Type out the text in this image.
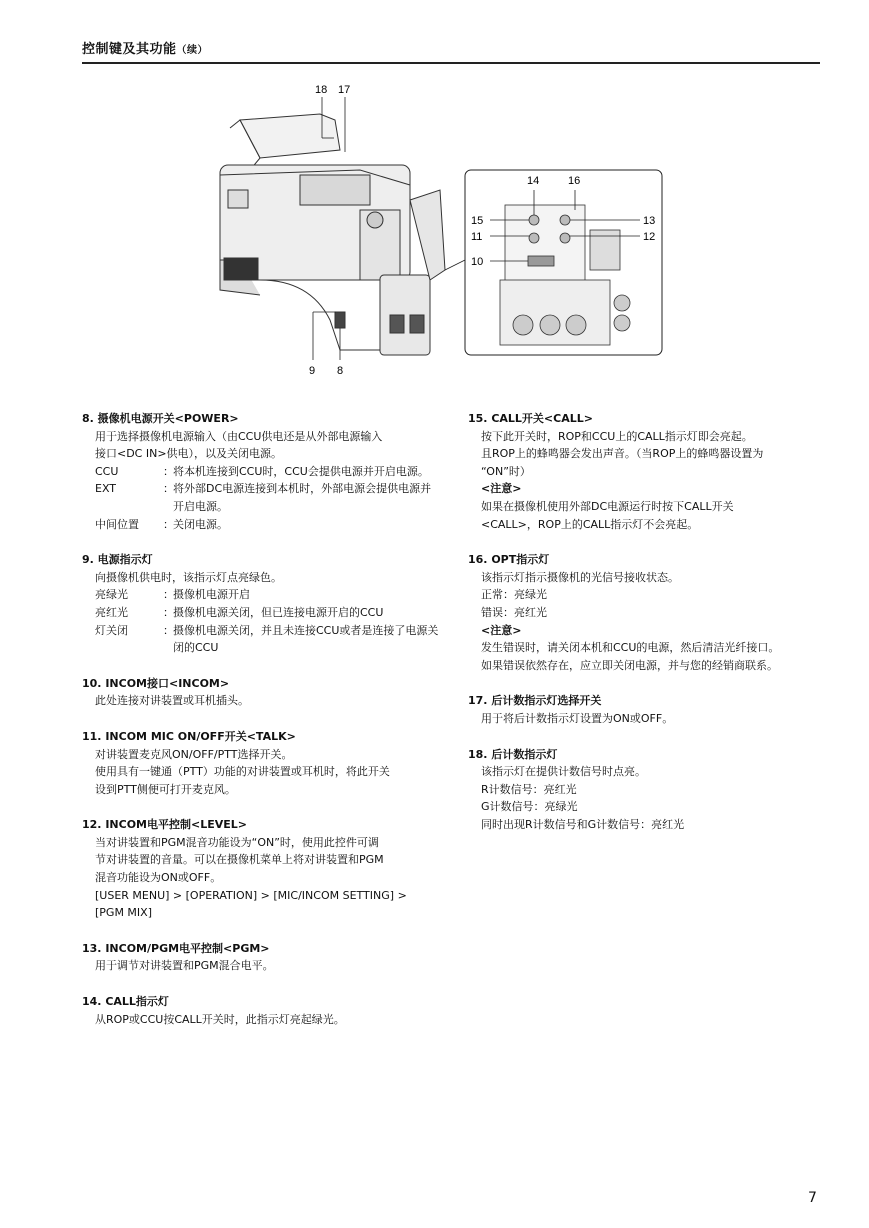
控制键及其功能（续）
18 17
9 8
14	16
15	13
11	12
10
8. 摄像机电源开关<POWER>
用于选择摄像机电源输入（由CCU供电还是从外部电源输入
接口<DC IN>供电），以及关闭电源。
CCU	： 将本机连接到CCU时，CCU会提供电源并开启电源。
EXT	： 将外部DC电源连接到本机时，外部电源会提供电源并开启电源。
中间位置	： 关闭电源。
9. 电源指示灯
向摄像机供电时，该指示灯点亮绿色。
亮绿光	： 摄像机电源开启
亮红光	： 摄像机电源关闭，但已连接电源开启的CCU
灯关闭	： 摄像机电源关闭，并且未连接CCU或者是连接了电源关闭的CCU
10. INCOM接口<INCOM>
此处连接对讲装置或耳机插头。
11. INCOM MIC ON/OFF开关<TALK>
对讲装置麦克风ON/OFF/PTT选择开关。
使用具有一键通（PTT）功能的对讲装置或耳机时，将此开关
设到PTT侧便可打开麦克风。
12. INCOM电平控制<LEVEL>
当对讲装置和PGM混音功能设为“ON”时，使用此控件可调
节对讲装置的音量。可以在摄像机菜单上将对讲装置和PGM
混音功能设为ON或OFF。
[USER MENU] > [OPERATION] > [MIC/INCOM SETTING] >
[PGM MIX]
13. INCOM/PGM电平控制<PGM>
用于调节对讲装置和PGM混合电平。
14. CALL指示灯
从ROP或CCU按CALL开关时，此指示灯亮起绿光。
15. CALL开关<CALL>
按下此开关时，ROP和CCU上的CALL指示灯即会亮起。
且ROP上的蜂鸣器会发出声音。（当ROP上的蜂鸣器设置为
“ON”时）
<注意>
如果在摄像机使用外部DC电源运行时按下CALL开关
<CALL>，ROP上的CALL指示灯不会亮起。
16. OPT指示灯
该指示灯指示摄像机的光信号接收状态。
正常：亮绿光
错误：亮红光
<注意>
发生错误时，请关闭本机和CCU的电源，然后清洁光纤接口。
如果错误依然存在，应立即关闭电源，并与您的经销商联系。
17. 后计数指示灯选择开关
用于将后计数指示灯设置为ON或OFF。
18. 后计数指示灯
该指示灯在提供计数信号时点亮。
R计数信号：亮红光
G计数信号：亮绿光
同时出现R计数信号和G计数信号：亮红光
7
